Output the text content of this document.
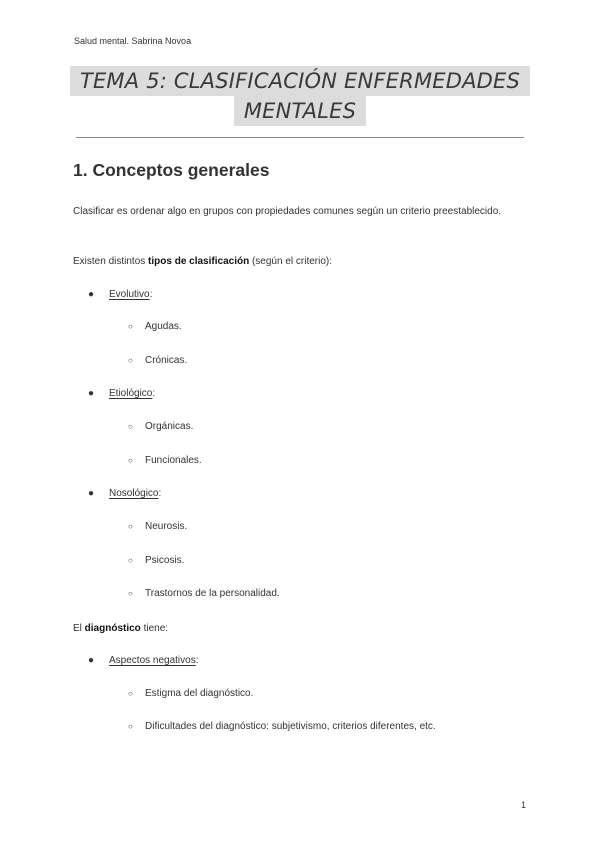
Salud mental. Sabrina Novoa
TEMA 5: CLASIFICACIÓN ENFERMEDADES
MENTALES
1. Conceptos generales
Clasificar es ordenar algo en grupos con propiedades comunes según un criterio preestablecido.
Existen distintos tipos de clasificación (según el criterio):
● Evolutivo:
○ Agudas.
○ Crónicas.
● Etiológico:
○ Orgánicas.
○ Funcionales.
● Nosológico:
○ Neurosis.
○ Psicosis.
○ Trastornos de la personalidad.
El diagnóstico tiene:
● Aspectos negativos:
○ Estigma del diagnóstico.
○ Dificultades del diagnóstico: subjetivismo, criterios diferentes, etc.
1
